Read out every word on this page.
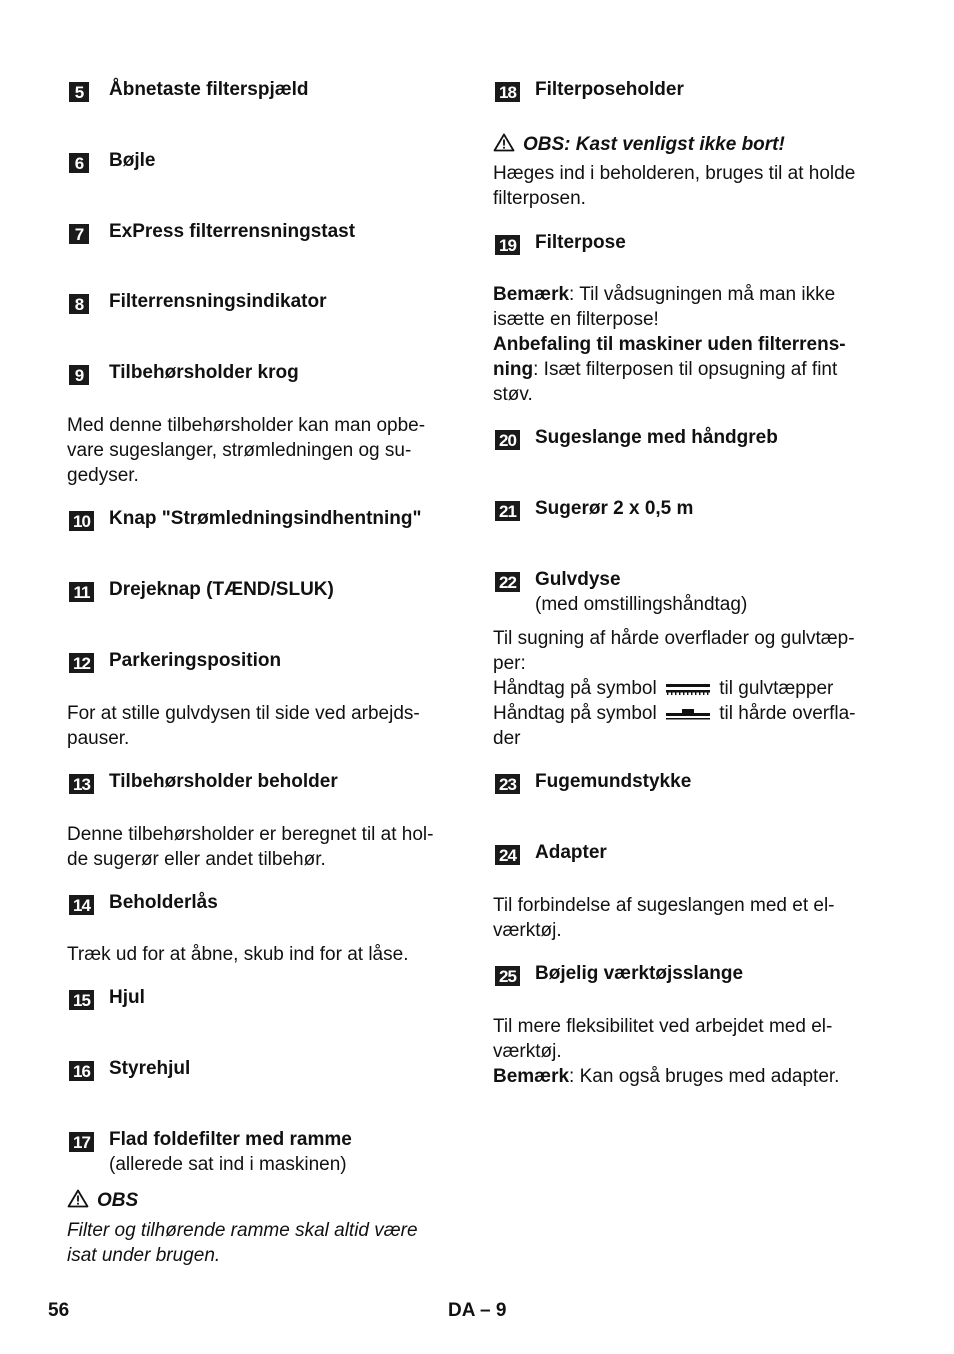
5	Åbnetaste filterspjæld
6	Bøjle
7	ExPress filterrensningstast
8	Filterrensningsindikator
9	Tilbehørsholder krog
Med denne tilbehørsholder kan man opbe-
vare sugeslanger, strømledningen og su-
gedyser.
10 Knap "Strømledningsindhentning"
11 Drejeknap (TÆND/SLUK)
12 Parkeringsposition
For at stille gulvdysen til side ved arbejds-
pauser.
13 Tilbehørsholder beholder
Denne tilbehørsholder er beregnet til at hol-
de sugerør eller andet tilbehør.
14 Beholderlås
Træk ud for at åbne, skub ind for at låse.
15 Hjul
16 Styrehjul
17 Flad foldefilter med ramme
(allerede sat ind i maskinen)
OBS
Filter og tilhørende ramme skal altid være
isat under brugen.
18 Filterposeholder
OBS: Kast venligst ikke bort!
Hæges ind i beholderen, bruges til at holde
filterposen.
19 Filterpose
Bemærk: Til vådsugningen må man ikke
isætte en filterpose!
Anbefaling til maskiner uden filterrens-
ning: Isæt filterposen til opsugning af fint
støv.
20 Sugeslange med håndgreb
21 Sugerør 2 x 0,5 m
22 Gulvdyse
(med omstillingshåndtag)
Til sugning af hårde overflader og gulvtæp-
per:
Håndtag på symbol	til gulvtæpper
Håndtag på symbol	til hårde overfla-
der
23 Fugemundstykke
24 Adapter
Til forbindelse af sugeslangen med et el-
værktøj.
25 Bøjelig værktøjsslange
Til mere fleksibilitet ved arbejdet med el-
værktøj.
Bemærk: Kan også bruges med adapter.
56	DA – 9
